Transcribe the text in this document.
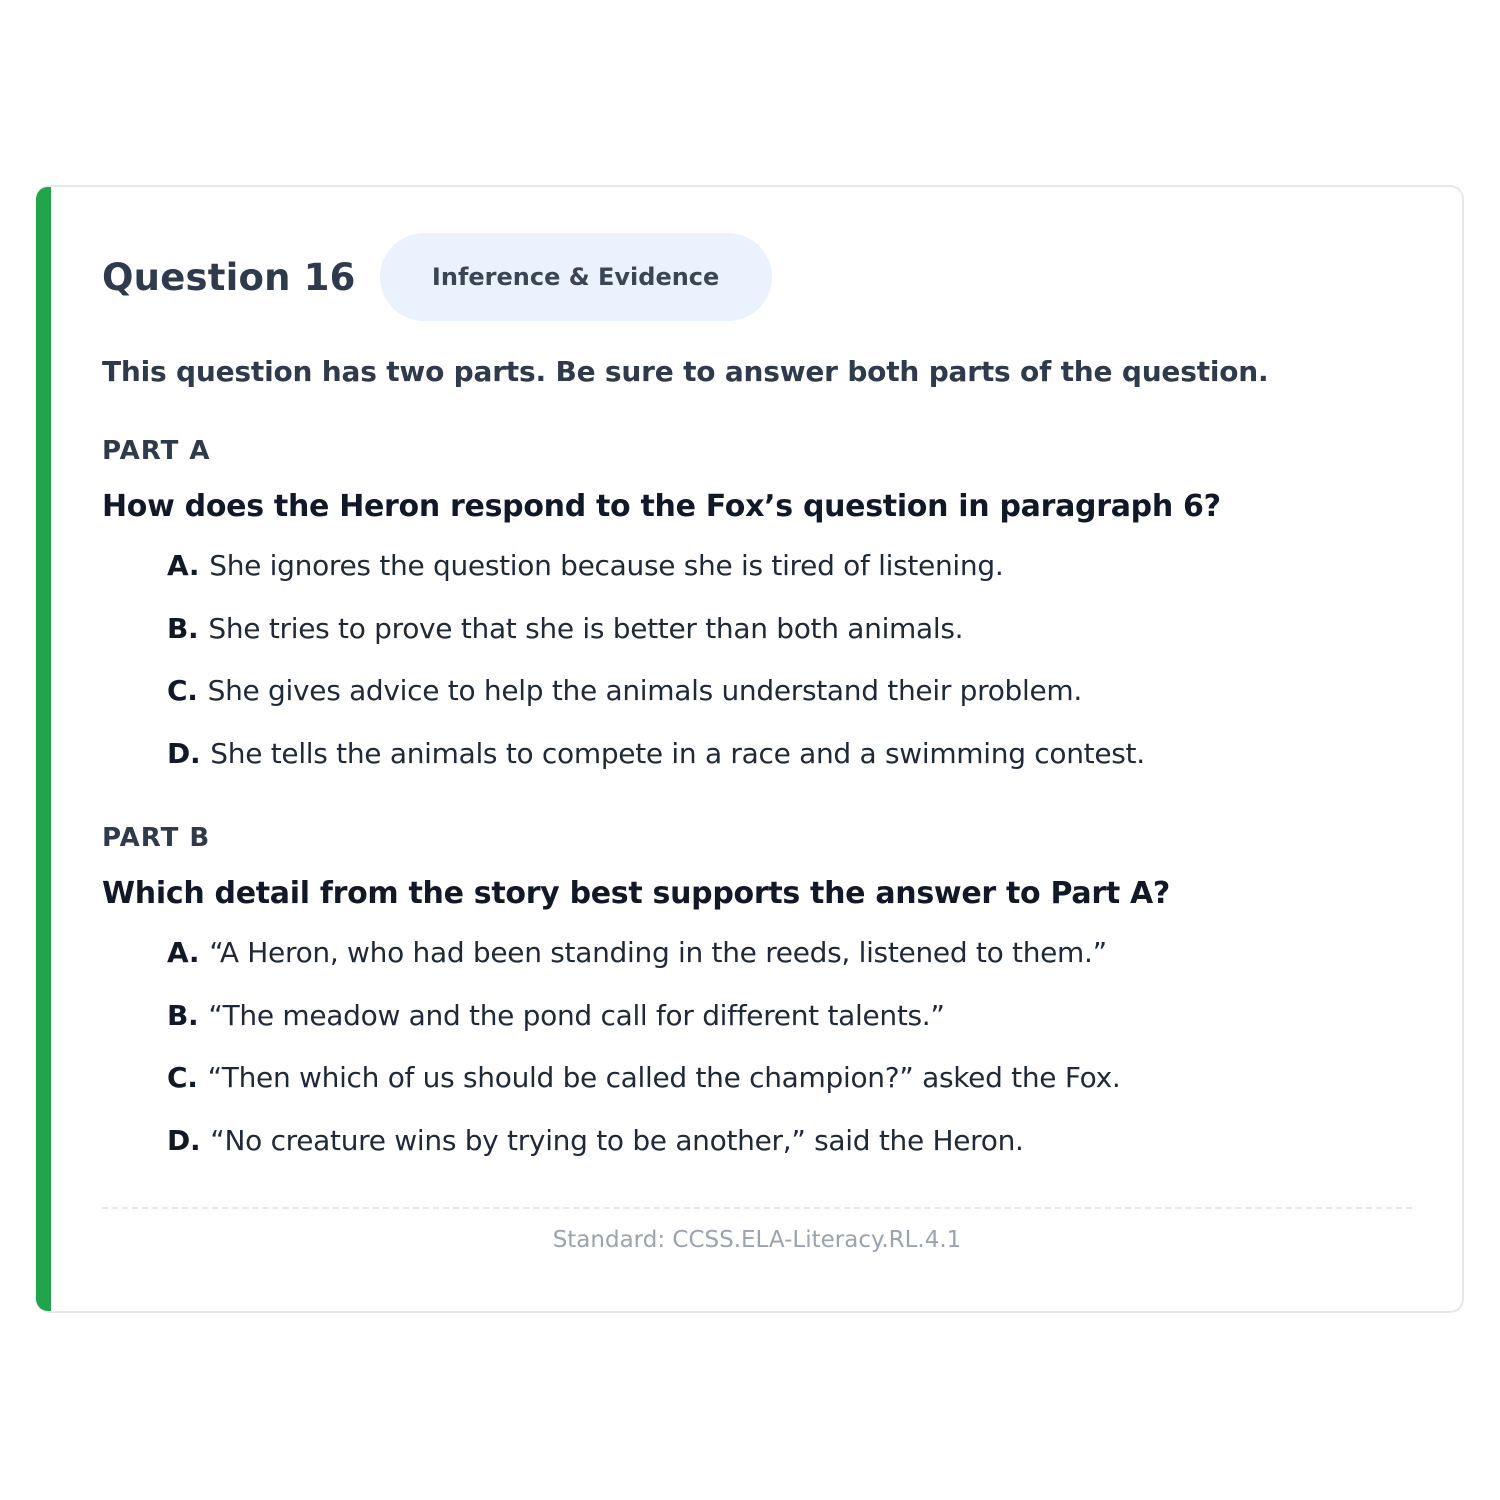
Question 16	Inference & Evidence
This question has two parts. Be sure to answer both parts of the question.
PART A
How does the Heron respond to the Fox’s question in paragraph 6?
A. She ignores the question because she is tired of listening.
B. She tries to prove that she is better than both animals.
C. She gives advice to help the animals understand their problem.
D. She tells the animals to compete in a race and a swimming contest.
PART B
Which detail from the story best supports the answer to Part A?
A. “A Heron, who had been standing in the reeds, listened to them.”
B. “The meadow and the pond call for different talents.”
C. “Then which of us should be called the champion?” asked the Fox.
D. “No creature wins by trying to be another,” said the Heron.
Standard: CCSS.ELA-Literacy.RL.4.1
